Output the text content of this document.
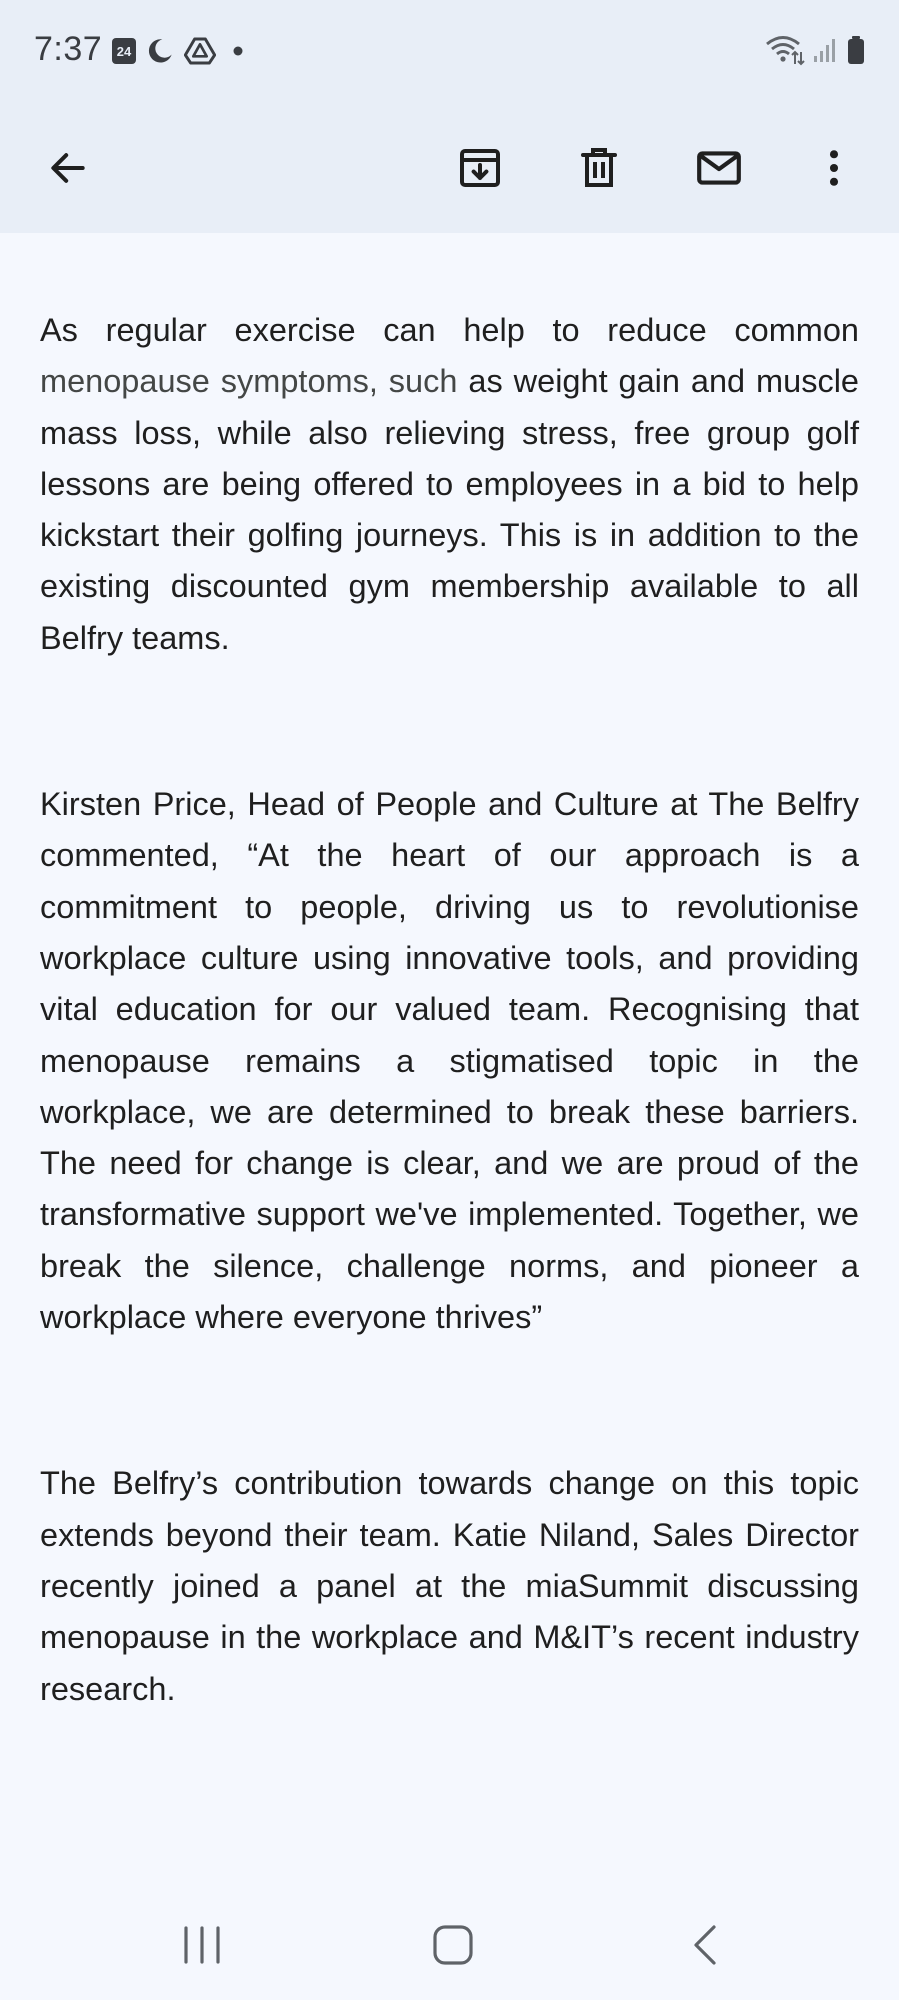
7:37	24

As regular exercise can help to reduce common menopause symptoms, such as weight gain and muscle mass loss, while also relieving stress, free group golf lessons are being offered to employees in a bid to help kickstart their golfing journeys. This is in addition to the existing discounted gym membership available to all Belfry teams.

Kirsten Price, Head of People and Culture at The Belfry commented, “At the heart of our approach is a commitment to people, driving us to revolutionise workplace culture using innovative tools, and providing vital education for our valued team. Recognising that menopause remains a stigmatised topic in the workplace, we are determined to break these barriers. The need for change is clear, and we are proud of the transformative support we've implemented. Together, we break the silence, challenge norms, and pioneer a workplace where everyone thrives”

The Belfry’s contribution towards change on this topic extends beyond their team. Katie Niland, Sales Director recently joined a panel at the miaSummit discussing menopause in the workplace and M&IT’s recent industry research.
